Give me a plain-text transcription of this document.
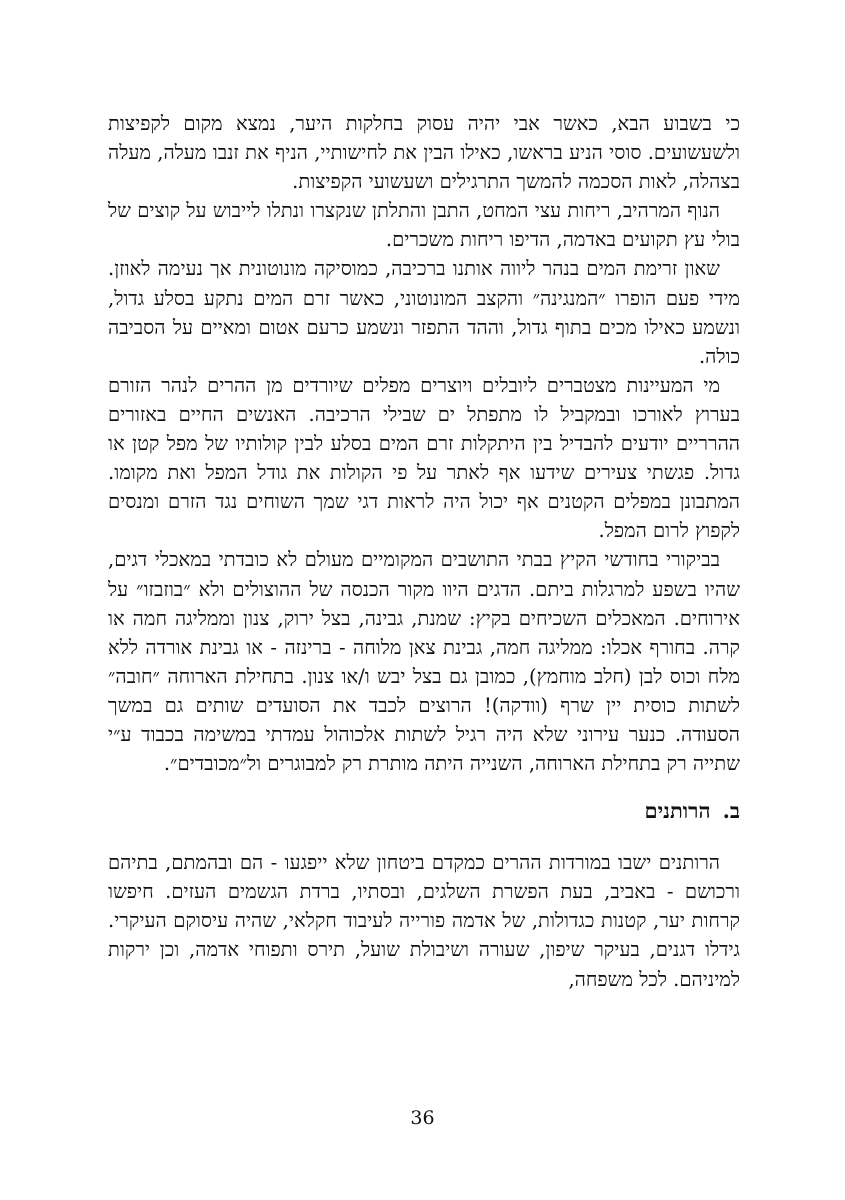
כי בשבוע הבא, כאשר אבי יהיה עסוק בחלקות היער, נמצא מקום לקפיצות ולשעשועים. סוסי הניע בראשו, כאילו הבין את לחישותיי, הניף את זנבו מעלה, מעלה בצהלה, לאות הסכמה להמשך התרגילים ושעשועי הקפיצות.

הנוף המרהיב, ריחות עצי המחט, התבן והתלתן שנקצרו ונתלו לייבוש על קוצים של בולי עץ תקועים באדמה, הדיפו ריחות משכרים.

שאון זרימת המים בנהר ליווה אותנו ברכיבה, כמוסיקה מונוטונית אך נעימה לאוזן. מידי פעם הופרו ״המנגינה״ והקצב המונוטוני, כאשר זרם המים נתקע בסלע גדול, ונשמע כאילו מכים בתוף גדול, וההד התפזר ונשמע כרעם אטום ומאיים על הסביבה כולה.

מי המעיינות מצטברים ליובלים ויוצרים מפלים שיורדים מן ההרים לנהר הזורם בערוץ לאורכו ובמקביל לו מתפתל ים שבילי הרכיבה. האנשים החיים באזורים ההרריים יודעים להבדיל בין היתקלות זרם המים בסלע לבין קולותיו של מפל קטן או גדול. פגשתי צעירים שידעו אף לאתר על פי הקולות את גודל המפל ואת מקומו. המתבונן במפלים הקטנים אף יכול היה לראות דגי שמך השוחים נגד הזרם ומנסים לקפוץ לרום המפל.

בביקורי בחודשי הקיץ בבתי התושבים המקומיים מעולם לא כובדתי במאכלי דגים, שהיו בשפע למרגלות ביתם. הדגים היוו מקור הכנסה של ההוצולים ולא ״בוזבזו״ על אירוחים. המאכלים השכיחים בקיץ: שמנת, גבינה, בצל ירוק, צנון וממליגה חמה או קרה. בחורף אכלו: ממליגה חמה, גבינת צאן מלוחה - ברינזה - או גבינת אורדה ללא מלח וכוס לבן (חלב מוחמץ), כמובן גם בצל יבש ו/או צנון. בתחילת הארוחה ״חובה״ לשתות כוסית יין שרף (וודקה)! הרוצים לכבד את הסועדים שותים גם במשך הסעודה. כנער עירוני שלא היה רגיל לשתות אלכוהול עמדתי במשימה בכבוד ע״י שתייה רק בתחילת הארוחה, השנייה היתה מותרת רק למבוגרים ול״מכובדים״.

ב.הרותנים

הרותנים ישבו במורדות ההרים כמקדם ביטחון שלא ייפגעו - הם ובהמתם, בתיהם ורכושם - באביב, בעת הפשרת השלגים, ובסתיו, ברדת הגשמים העזים. חיפשו קרחות יער, קטנות כגדולות, של אדמה פורייה לעיבוד חקלאי, שהיה עיסוקם העיקרי. גידלו דגנים, בעיקר שיפון, שעורה ושיבולת שועל, תירס ותפוחי אדמה, וכן ירקות למיניהם. לכל משפחה,

36
